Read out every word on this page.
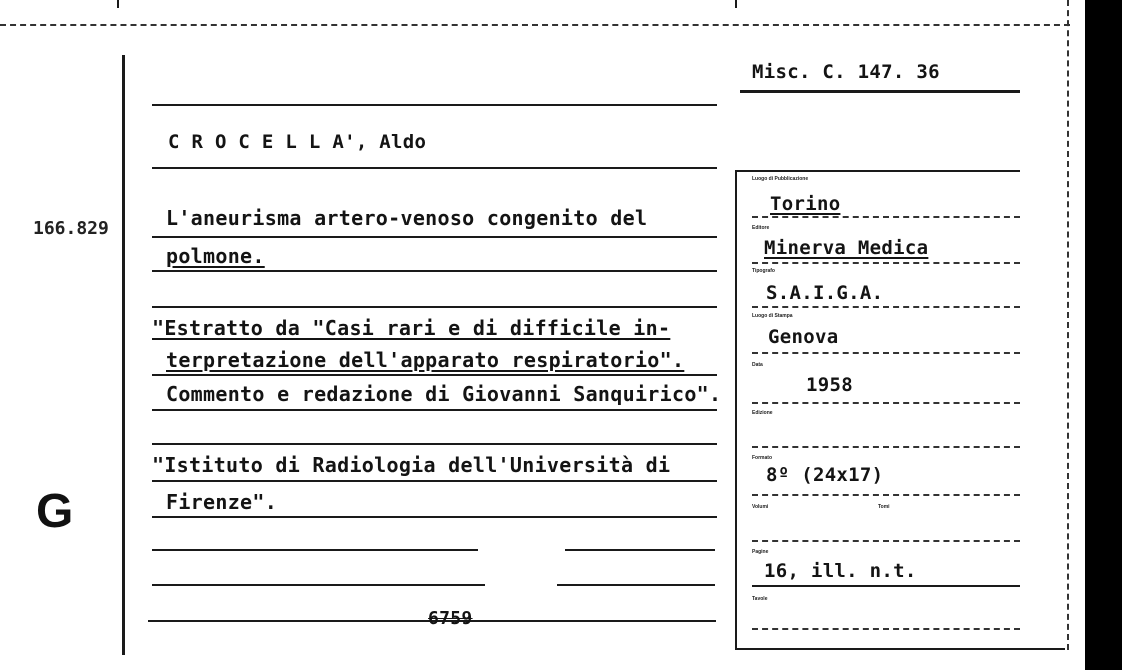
166.829
G
Misc. C. 147. 36
C R O C E L L A', Aldo
L'aneurisma artero-venoso congenito del
polmone.
"Estratto da "Casi rari e di difficile in-
terpretazione dell'apparato respiratorio".
Commento e redazione di Giovanni Sanquirico".
"Istituto di Radiologia dell'Università di
Firenze".
6759
Luogo di Pubblicazione
Torino
Editore
Minerva Medica
Tipografo
S.A.I.G.A.
Luogo di Stampa
Genova
Data
1958
Edizione
Formato
8º (24x17)
Volumi	Tomi
Pagine
16, ill. n.t.
Tavole
